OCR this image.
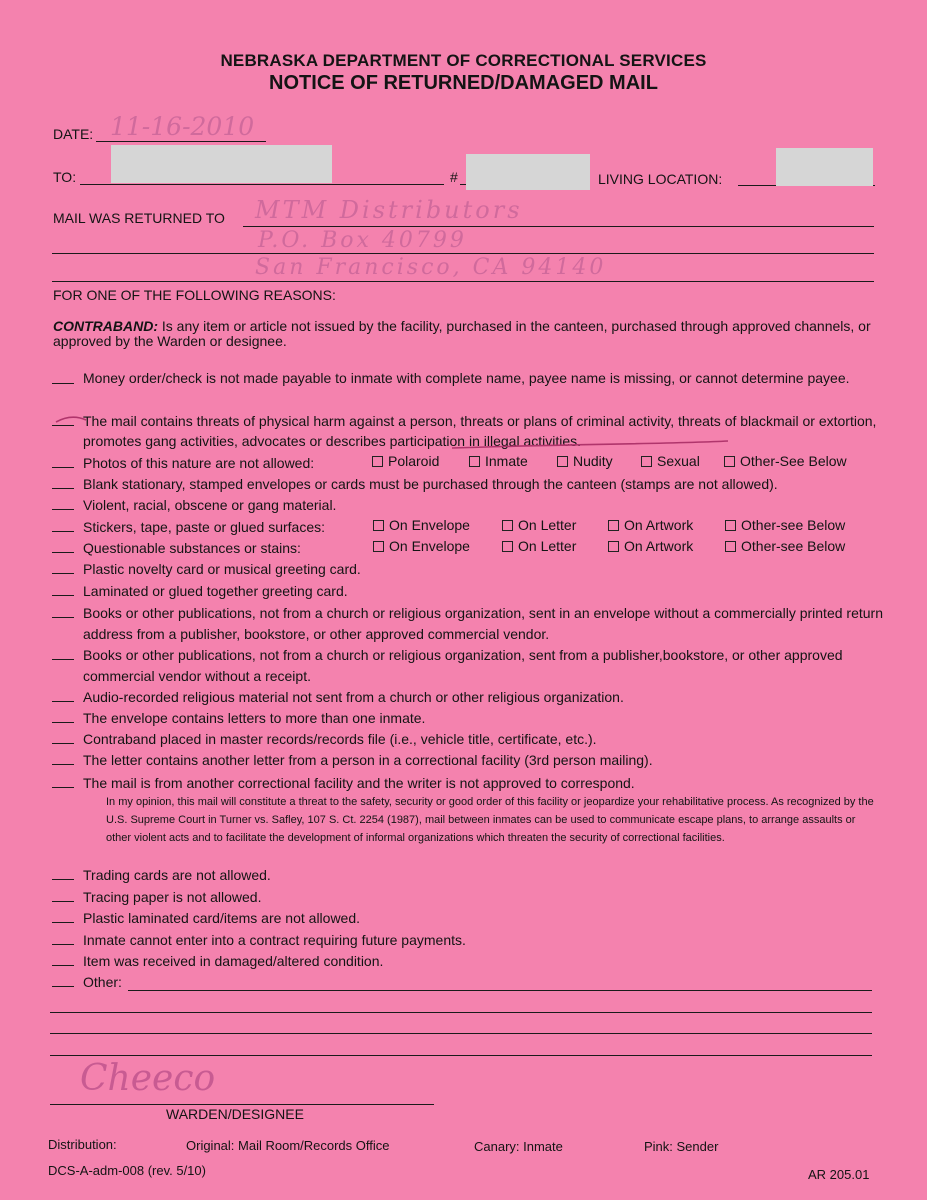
NEBRASKA DEPARTMENT OF CORRECTIONAL SERVICES
NOTICE OF RETURNED/DAMAGED MAIL
DATE: 11-16-2010
TO:	#	LIVING LOCATION:
MAIL WAS RETURNED TO MTM Distributors
P.O. Box 40799
San Francisco, CA 94140
FOR ONE OF THE FOLLOWING REASONS:
CONTRABAND: Is any item or article not issued by the facility, purchased in the canteen, purchased through approved channels, or approved by the Warden or designee.
Money order/check is not made payable to inmate with complete name, payee name is missing, or cannot determine payee.
The mail contains threats of physical harm against a person, threats or plans of criminal activity, threats of blackmail or extortion, promotes gang activities, advocates or describes participation in illegal activities.
Photos of this nature are not allowed:	Polaroid	Inmate	Nudity	Sexual	Other-See Below
Blank stationary, stamped envelopes or cards must be purchased through the canteen (stamps are not allowed).
Violent, racial, obscene or gang material.
Stickers, tape, paste or glued surfaces:	On Envelope	On Letter	On Artwork	Other-see Below
Questionable substances or stains:	On Envelope	On Letter	On Artwork	Other-see Below
Plastic novelty card or musical greeting card.
Laminated or glued together greeting card.
Books or other publications, not from a church or religious organization, sent in an envelope without a commercially printed return address from a publisher, bookstore, or other approved commercial vendor.
Books or other publications, not from a church or religious organization, sent from a publisher,bookstore, or other approved commercial vendor without a receipt.
Audio-recorded religious material not sent from a church or other religious organization.
The envelope contains letters to more than one inmate.
Contraband placed in master records/records file (i.e., vehicle title, certificate, etc.).
The letter contains another letter from a person in a correctional facility (3rd person mailing).
The mail is from another correctional facility and the writer is not approved to correspond.
In my opinion, this mail will constitute a threat to the safety, security or good order of this facility or jeopardize your rehabilitative process. As recognized by the U.S. Supreme Court in Turner vs. Safley, 107 S. Ct. 2254 (1987), mail between inmates can be used to communicate escape plans, to arrange assaults or other violent acts and to facilitate the development of informal organizations which threaten the security of correctional facilities.
Trading cards are not allowed.
Tracing paper is not allowed.
Plastic laminated card/items are not allowed.
Inmate cannot enter into a contract requiring future payments.
Item was received in damaged/altered condition.
Other:
Cheeco
WARDEN/DESIGNEE
Distribution:	Original: Mail Room/Records Office	Canary: Inmate	Pink: Sender
DCS-A-adm-008 (rev. 5/10)	AR 205.01
